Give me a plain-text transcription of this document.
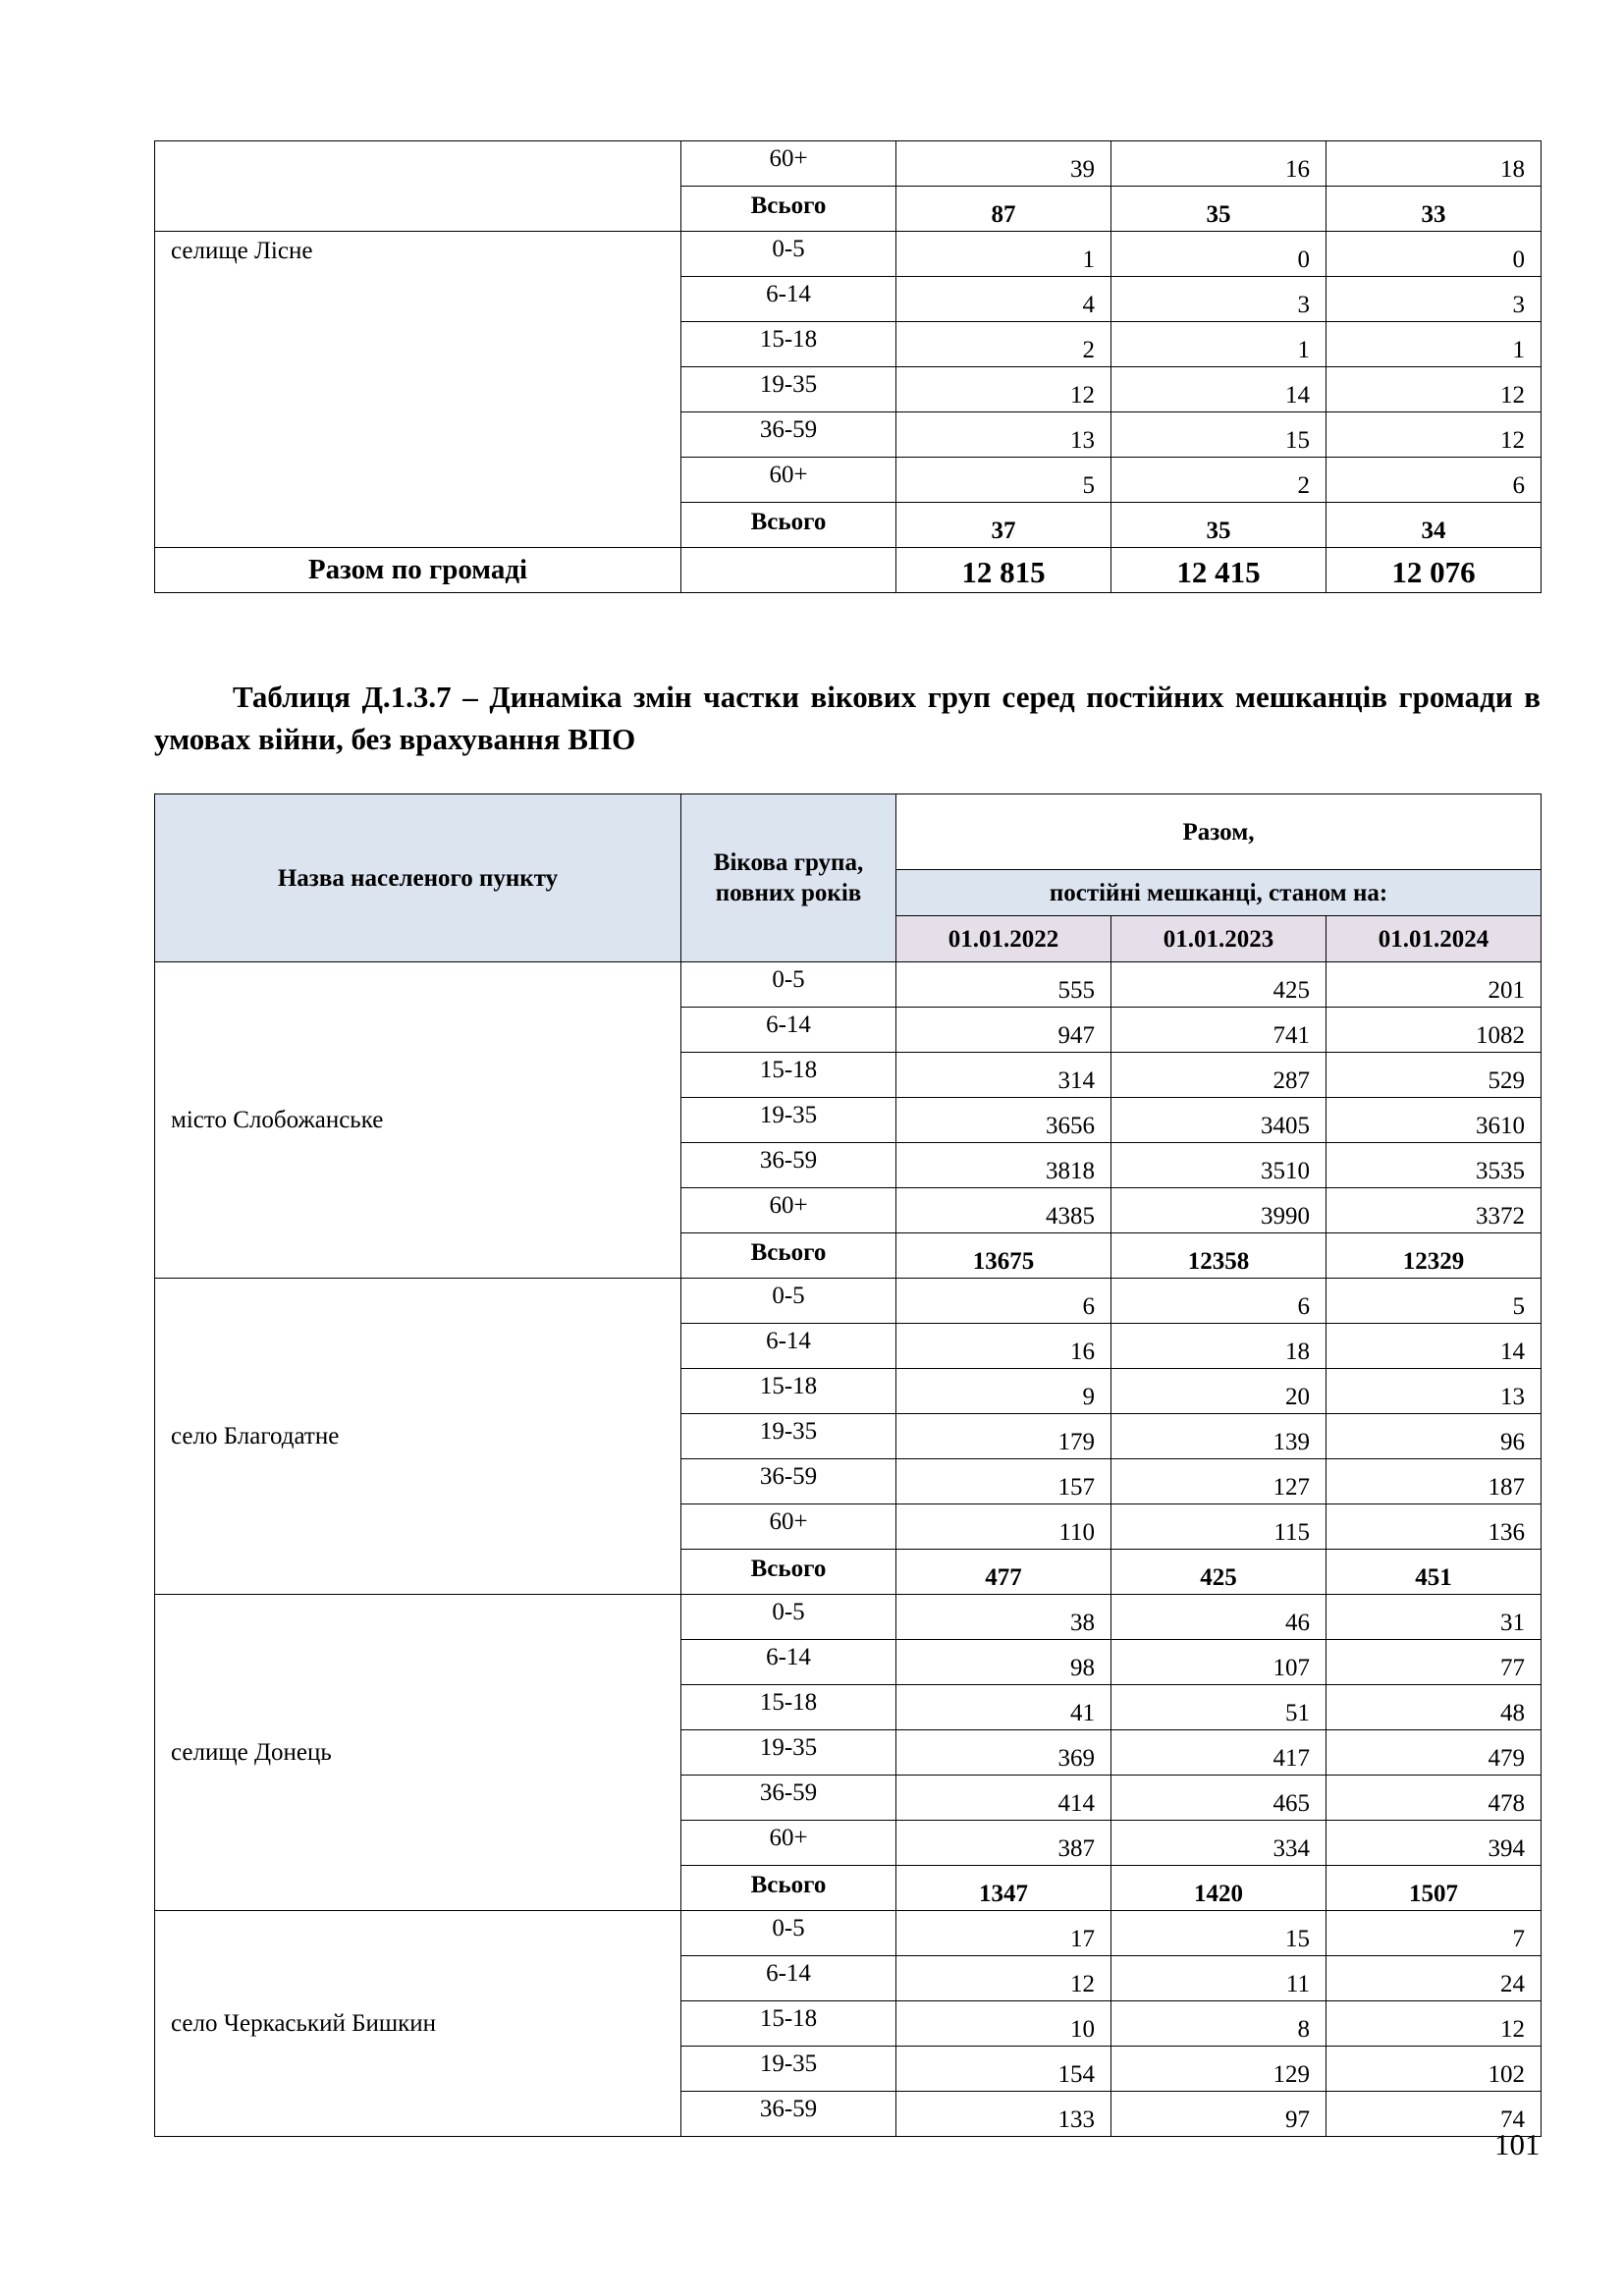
	60+	39	16	18
	Всього	87	35	33
селище Лісне	0-5	1	0	0
	6-14	4	3	3
	15-18	2	1	1
	19-35	12	14	12
	36-59	13	15	12
	60+	5	2	6
	Всього	37	35	34
Разом по громаді		12 815	12 415	12 076
Таблиця Д.1.3.7 – Динаміка змін частки вікових груп серед постійних мешканців громади в умовах війни, без врахування ВПО
Назва населеного пункту	Вікова група, повних років	Разом,		
		постійні мешканці, станом на:		
		01.01.2022	01.01.2023	01.01.2024
місто Слобожанське	0-5	555	425	201
	6-14	947	741	1082
	15-18	314	287	529
	19-35	3656	3405	3610
	36-59	3818	3510	3535
	60+	4385	3990	3372
	Всього	13675	12358	12329
село Благодатне	0-5	6	6	5
	6-14	16	18	14
	15-18	9	20	13
	19-35	179	139	96
	36-59	157	127	187
	60+	110	115	136
	Всього	477	425	451
селище Донець	0-5	38	46	31
	6-14	98	107	77
	15-18	41	51	48
	19-35	369	417	479
	36-59	414	465	478
	60+	387	334	394
	Всього	1347	1420	1507
село Черкаський Бишкин	0-5	17	15	7
	6-14	12	11	24
	15-18	10	8	12
	19-35	154	129	102
	36-59	133	97	74
101
